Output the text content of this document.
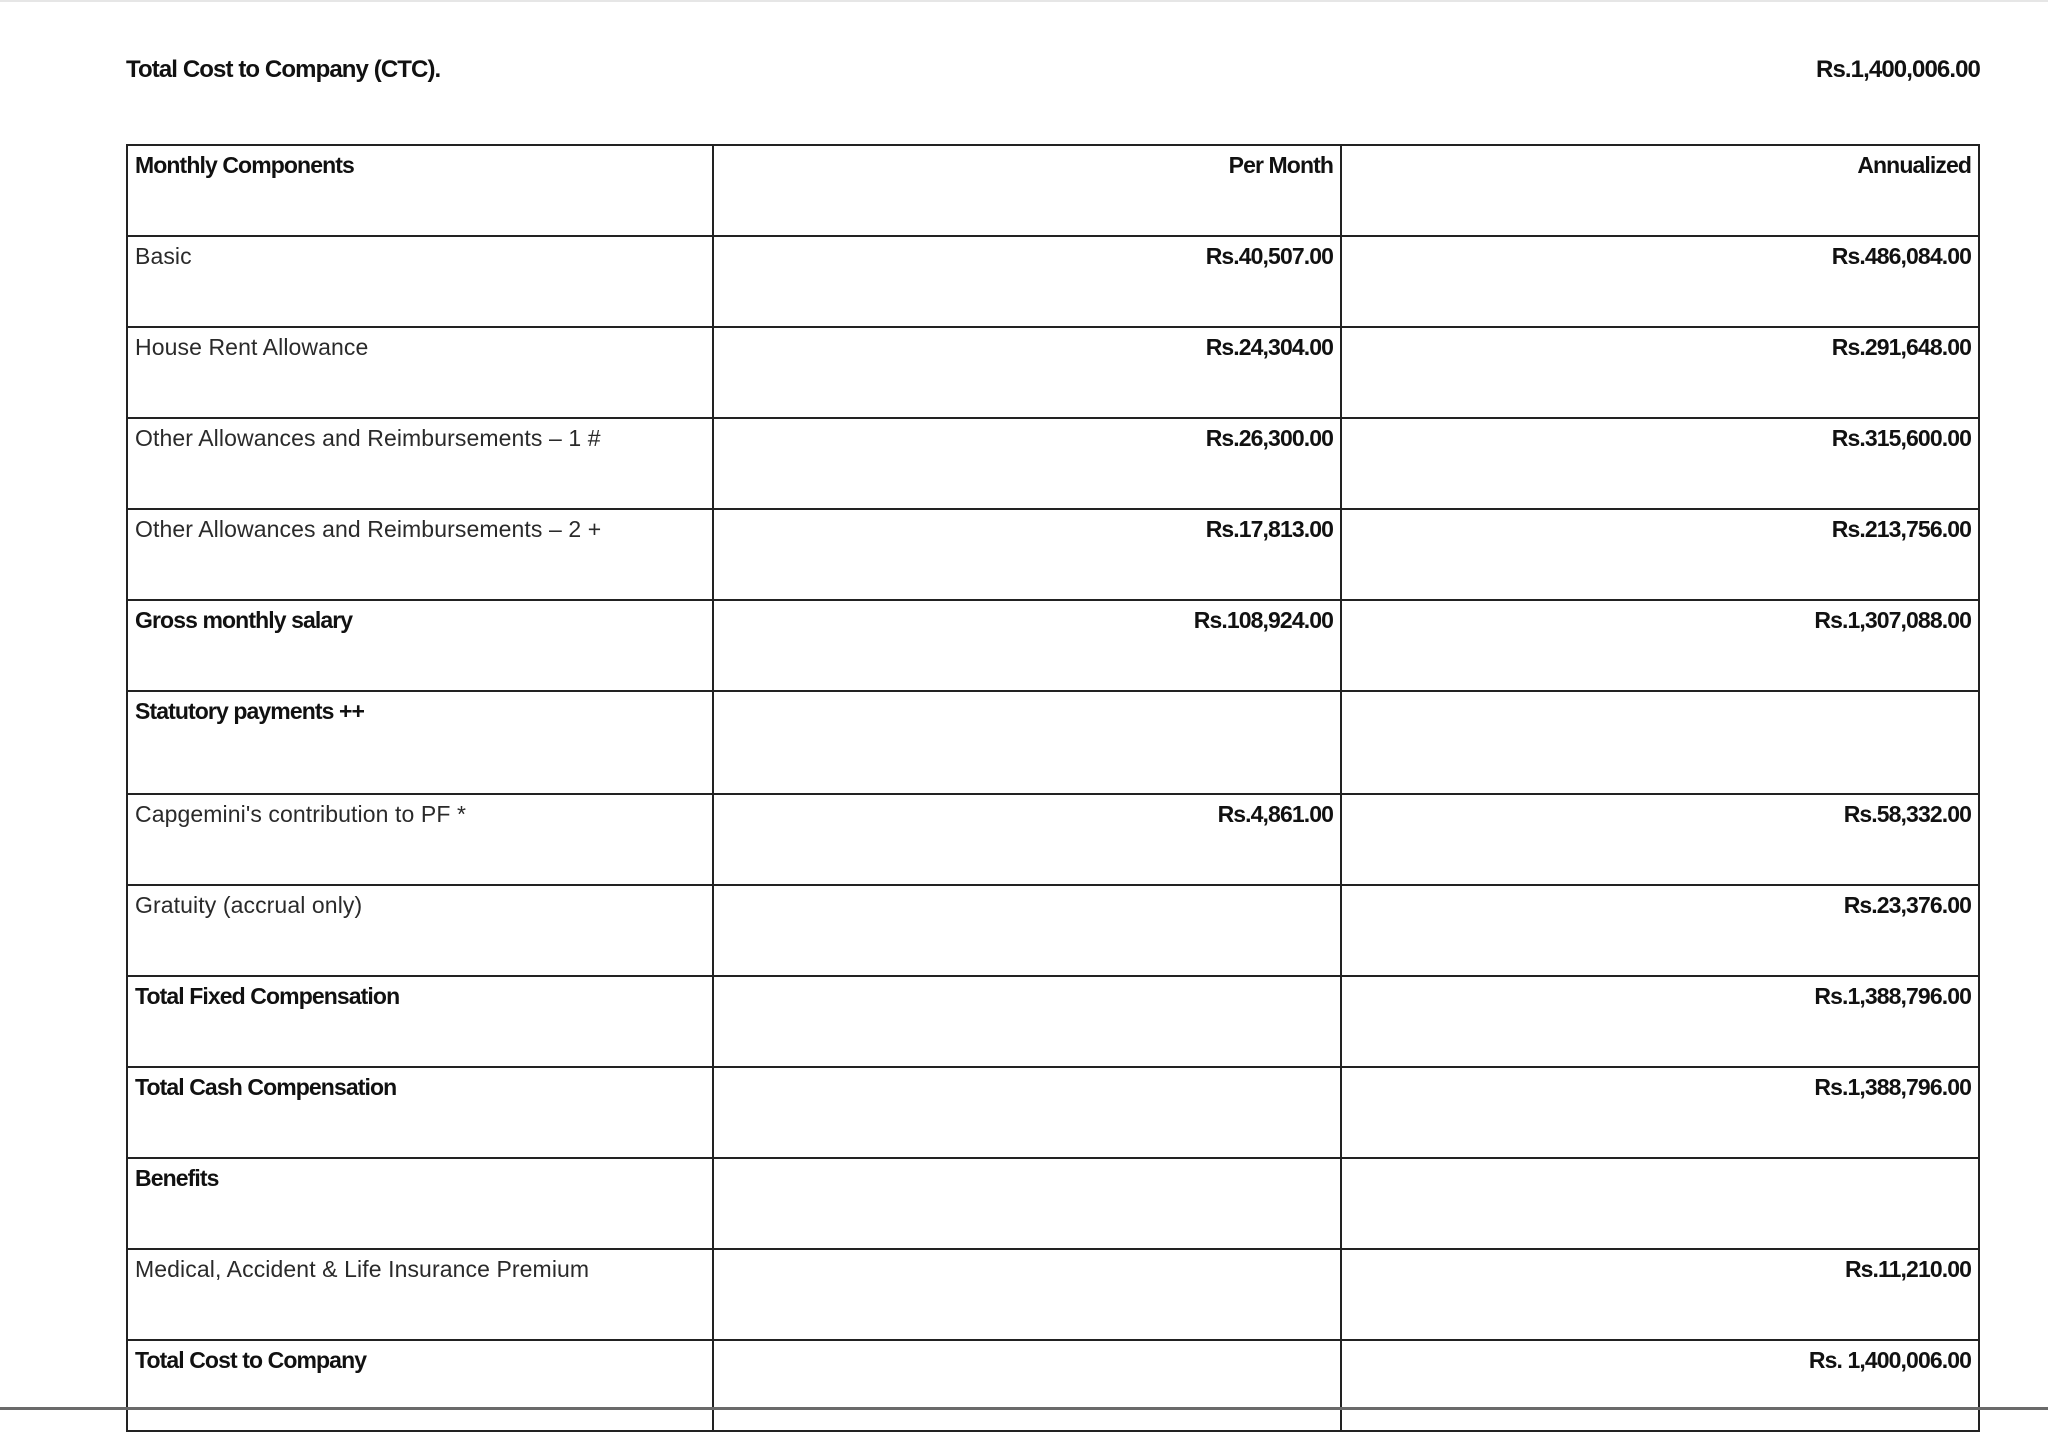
Total Cost to Company (CTC).	Rs.1,400,006.00
Monthly Components	Per Month	Annualized
Basic	Rs.40,507.00	Rs.486,084.00
House Rent Allowance	Rs.24,304.00	Rs.291,648.00
Other Allowances and Reimbursements – 1 #	Rs.26,300.00	Rs.315,600.00
Other Allowances and Reimbursements – 2 +	Rs.17,813.00	Rs.213,756.00
Gross monthly salary	Rs.108,924.00	Rs.1,307,088.00
Statutory payments ++		
Capgemini's contribution to PF *	Rs.4,861.00	Rs.58,332.00
Gratuity (accrual only)		Rs.23,376.00
Total Fixed Compensation		Rs.1,388,796.00
Total Cash Compensation		Rs.1,388,796.00
Benefits		
Medical, Accident & Life Insurance Premium		Rs.11,210.00
Total Cost to Company		Rs. 1,400,006.00
